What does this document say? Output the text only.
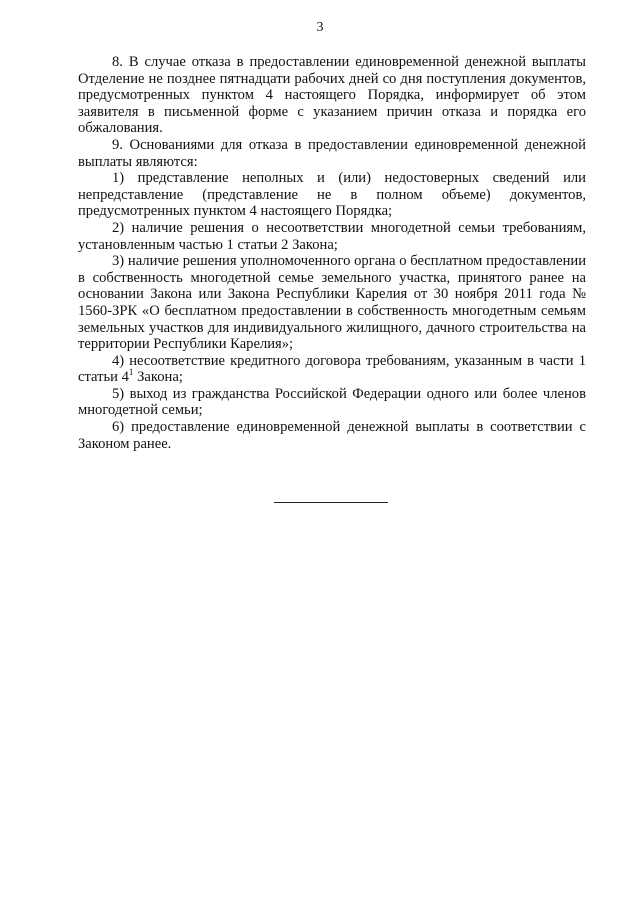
3

8. В случае отказа в предоставлении единовременной денежной выплаты Отделение не позднее пятнадцати рабочих дней со дня поступления документов, предусмотренных пунктом 4 настоящего Порядка, информирует об этом заявителя в письменной форме с указанием причин отказа и порядка его обжалования.

9. Основаниями для отказа в предоставлении единовременной денежной выплаты являются:

1) представление неполных и (или) недостоверных сведений или непредставление (представление не в полном объеме) документов, предусмотренных пунктом 4 настоящего Порядка;

2) наличие решения о несоответствии многодетной семьи требованиям, установленным частью 1 статьи 2 Закона;

3) наличие решения уполномоченного органа о бесплатном предоставлении в собственность многодетной семье земельного участка, принятого ранее на основании Закона или Закона Республики Карелия от 30 ноября 2011 года № 1560-ЗРК «О бесплатном предоставлении в собственность многодетным семьям земельных участков для индивидуального жилищного, дачного строительства на территории Республики Карелия»;

4) несоответствие кредитного договора требованиям, указанным в части 1 статьи $4^1$ Закона;

5) выход из гражданства Российской Федерации одного или более членов многодетной семьи;

6) предоставление единовременной денежной выплаты в соответствии с Законом ранее.
